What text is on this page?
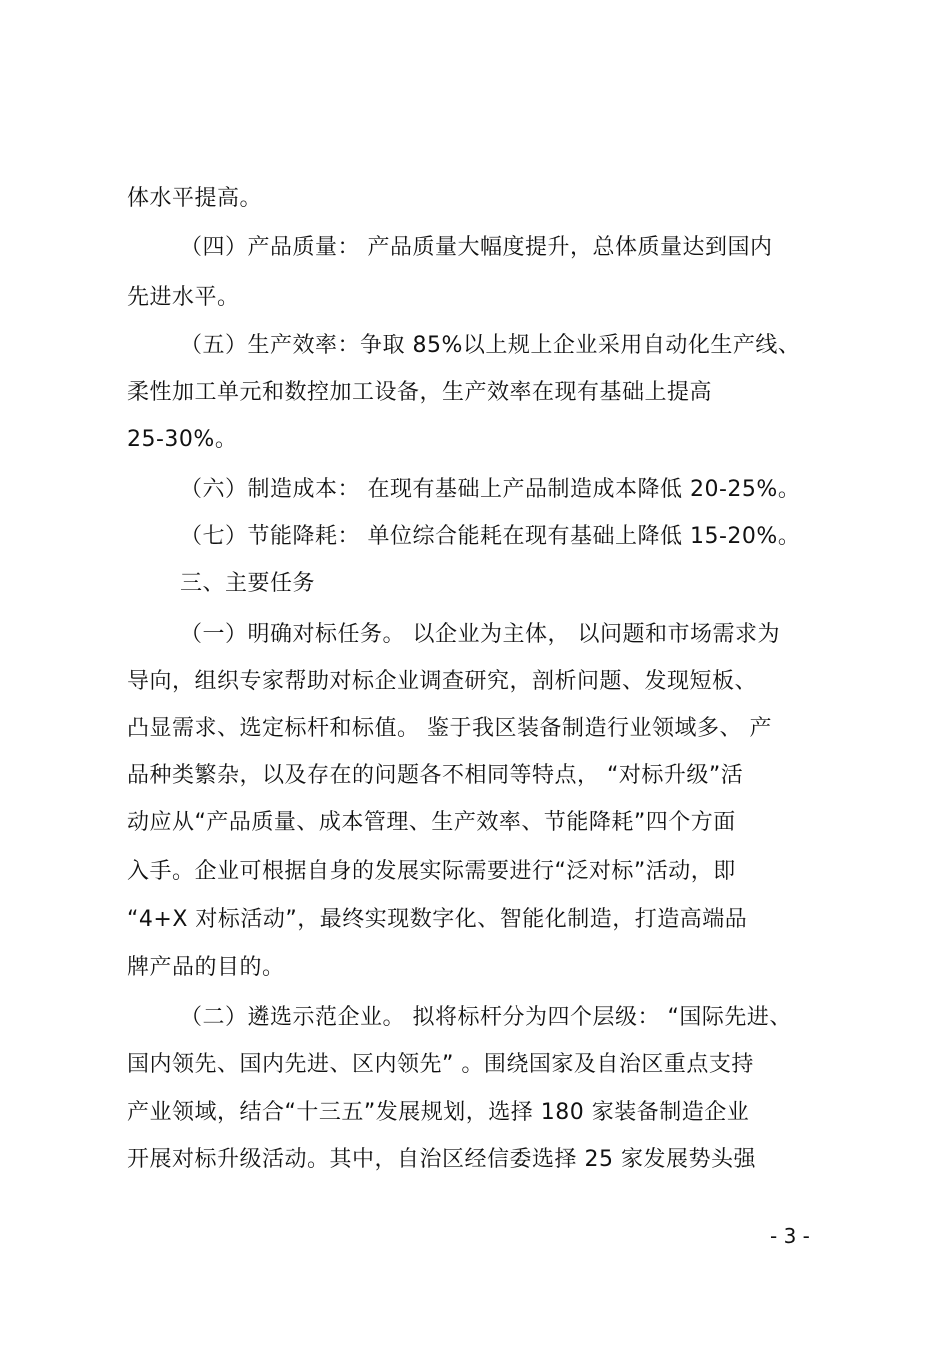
体水平提高。
（四）产品质量： 产品质量大幅度提升，总体质量达到国内
先进水平。
（五）生产效率：争取 85%以上规上企业采用自动化生产线、
柔性加工单元和数控加工设备，生产效率在现有基础上提高
25-30%。
（六）制造成本： 在现有基础上产品制造成本降低 20-25%。
（七）节能降耗： 单位综合能耗在现有基础上降低 15-20%。
三、主要任务
（一）明确对标任务。 以企业为主体， 以问题和市场需求为
导向，组织专家帮助对标企业调查研究，剖析问题、发现短板、
凸显需求、选定标杆和标值。 鉴于我区装备制造行业领域多、 产
品种类繁杂，以及存在的问题各不相同等特点， “对标升级”活
动应从“产品质量、成本管理、生产效率、节能降耗”四个方面
入手。企业可根据自身的发展实际需要进行“泛对标”活动，即
“4+X 对标活动”，最终实现数字化、智能化制造，打造高端品
牌产品的目的。
（二）遴选示范企业。 拟将标杆分为四个层级： “国际先进、
国内领先、国内先进、区内领先” 。围绕国家及自治区重点支持
产业领域，结合“十三五”发展规划，选择 180 家装备制造企业
开展对标升级活动。其中，自治区经信委选择 25 家发展势头强
- 3 -
